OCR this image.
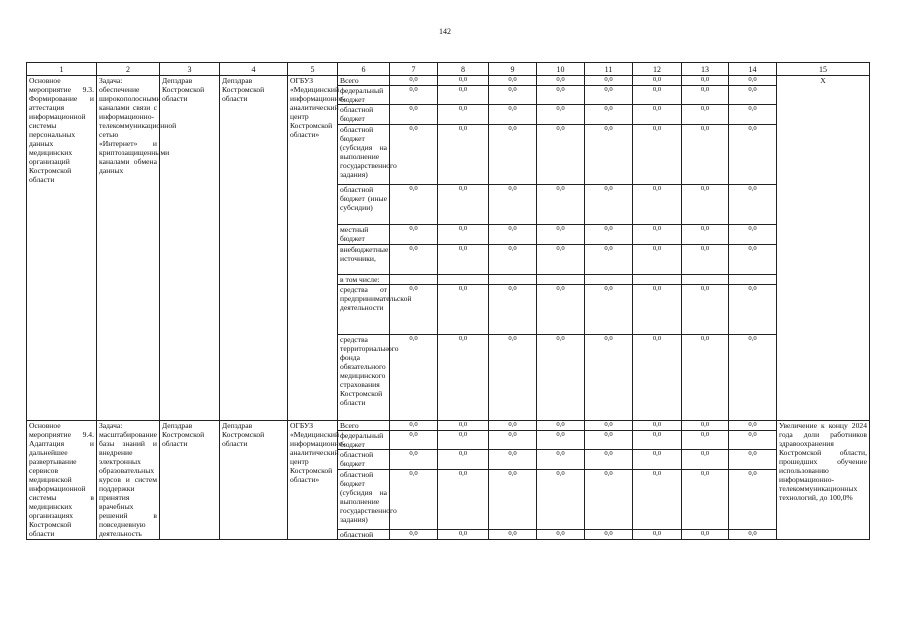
142
1	2	3	4	5	6	7	8	9	10	11	12	13	14	15
Основное мероприятие 9.3. Формирование и аттестация информационной системы персональных данных медицинских организаций Костромской области	Задача: обеспечение широкополосными каналами связи с информационно-телекоммуникационной сетью «Интернет» и криптозащищенными каналами обмена данных	Депздрав Костромской области	Депздрав Костромской области	ОГБУЗ «Медицинский информационно-аналитический центр Костромской области»	Всего	0,0	0,0	0,0	0,0	0,0	0,0	0,0	0,0	Х
					федеральный бюджет	0,0	0,0	0,0	0,0	0,0	0,0	0,0	0,0	
					областной бюджет	0,0	0,0	0,0	0,0	0,0	0,0	0,0	0,0	
					областной бюджет (субсидия на выполнение государственного задания)	0,0	0,0	0,0	0,0	0,0	0,0	0,0	0,0	
					областной бюджет (иные субсидии)	0,0	0,0	0,0	0,0	0,0	0,0	0,0	0,0	
					местный бюджет	0,0	0,0	0,0	0,0	0,0	0,0	0,0	0,0	
					внебюджетные источники,	0,0	0,0	0,0	0,0	0,0	0,0	0,0	0,0	
					в том числе:									
					средства от предпринимательской деятельности	0,0	0,0	0,0	0,0	0,0	0,0	0,0	0,0	
					средства территориального фонда обязательного медицинского страхования Костромской области	0,0	0,0	0,0	0,0	0,0	0,0	0,0	0,0	
Основное мероприятие 9.4. Адаптация и дальнейшее развертывание сервисов медицинской информационной системы в медицинских организациях Костромской области	Задача: масштабирование базы знаний и внедрение электронных образовательных курсов и систем поддержки принятия врачебных решений в повседневную деятельность	Депздрав Костромской области	Депздрав Костромской области	ОГБУЗ «Медицинский информационно-аналитический центр Костромской области»	Всего	0,0	0,0	0,0	0,0	0,0	0,0	0,0	0,0	Увеличение к концу 2024 года доли работников здравоохранения Костромской области, прошедших обучение использованию информационно-телекоммуникационных технологий, до 100,0%
					федеральный бюджет	0,0	0,0	0,0	0,0	0,0	0,0	0,0	0,0	
					областной бюджет	0,0	0,0	0,0	0,0	0,0	0,0	0,0	0,0	
					областной бюджет (субсидия на выполнение государственного задания)	0,0	0,0	0,0	0,0	0,0	0,0	0,0	0,0	
					областной	0,0	0,0	0,0	0,0	0,0	0,0	0,0	0,0	
